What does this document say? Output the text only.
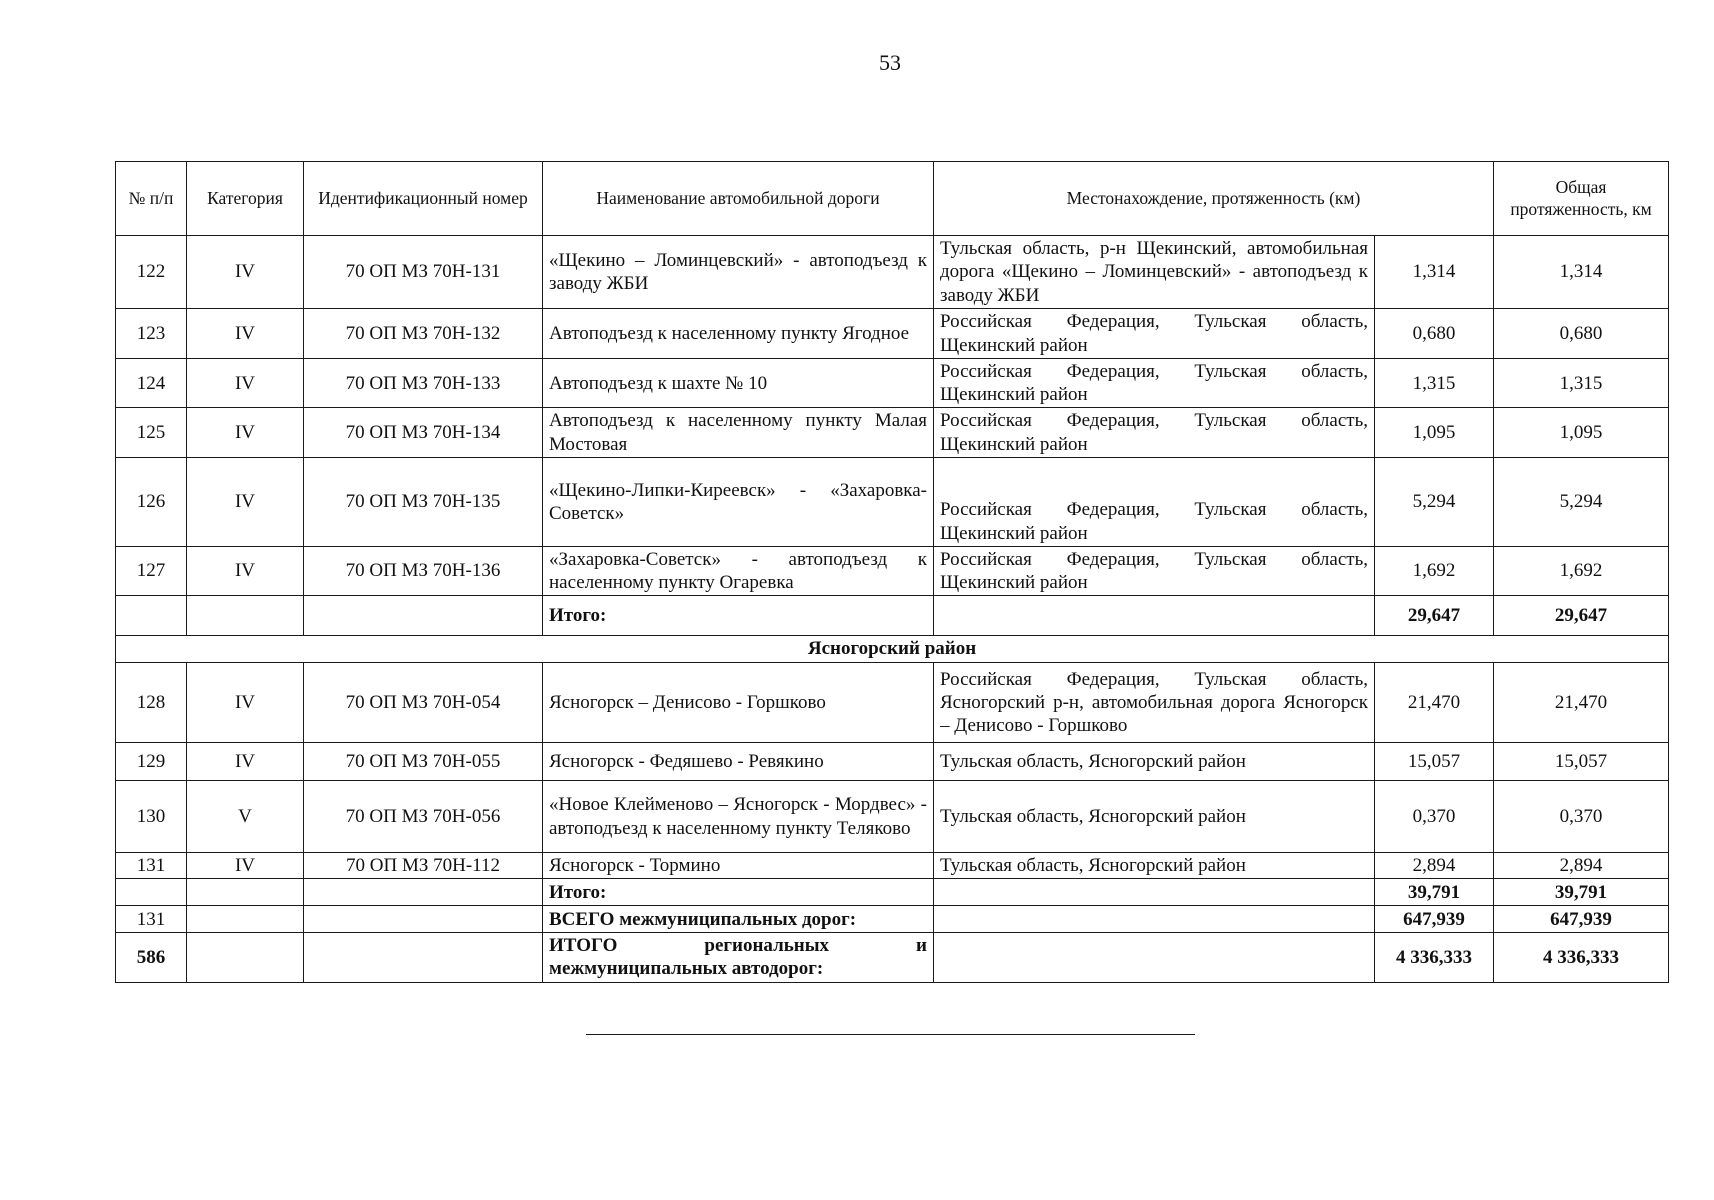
53
№ п/п	Категория	Идентификационный номер	Наименование автомобильной дороги	Местонахождение, протяженность (км)		Общая протяженность, км
122	IV	70 ОП МЗ 70Н-131	«Щекино – Ломинцевский» - автоподъезд к заводу ЖБИ	Тульская область, р-н Щекинский, автомобильная дорога «Щекино – Ломинцевский» - автоподъезд к заводу ЖБИ	1,314	1,314
123	IV	70 ОП МЗ 70Н-132	Автоподъезд к населенному пункту Ягодное	Российская Федерация, Тульская область, Щекинский район	0,680	0,680
124	IV	70 ОП МЗ 70Н-133	Автоподъезд к шахте № 10	Российская Федерация, Тульская область, Щекинский район	1,315	1,315
125	IV	70 ОП МЗ 70Н-134	Автоподъезд к населенному пункту Малая Мостовая	Российская Федерация, Тульская область, Щекинский район	1,095	1,095
126	IV	70 ОП МЗ 70Н-135	«Щекино-Липки-Киреевск» - «Захаровка-Советск»	Российская Федерация, Тульская область, Щекинский район	5,294	5,294
127	IV	70 ОП МЗ 70Н-136	«Захаровка-Советск» - автоподъезд к населенному пункту Огаревка	Российская Федерация, Тульская область, Щекинский район	1,692	1,692
			Итого:		29,647	29,647
Ясногорский район						
128	IV	70 ОП МЗ 70Н-054	Ясногорск – Денисово - Горшково	Российская Федерация, Тульская область, Ясногорский р-н, автомобильная дорога Ясногорск – Денисово - Горшково	21,470	21,470
129	IV	70 ОП МЗ 70Н-055	Ясногорск - Федяшево - Ревякино	Тульская область, Ясногорский район	15,057	15,057
130	V	70 ОП МЗ 70Н-056	«Новое Клейменово – Ясногорск - Мордвес» - автоподъезд к населенному пункту Теляково	Тульская область, Ясногорский район	0,370	0,370
131	IV	70 ОП МЗ 70Н-112	Ясногорск - Тормино	Тульская область, Ясногорский район	2,894	2,894
			Итого:		39,791	39,791
131			ВСЕГО межмуниципальных дорог:		647,939	647,939
586			ИТОГО региональных и межмуниципальных автодорог:		4 336,333	4 336,333
